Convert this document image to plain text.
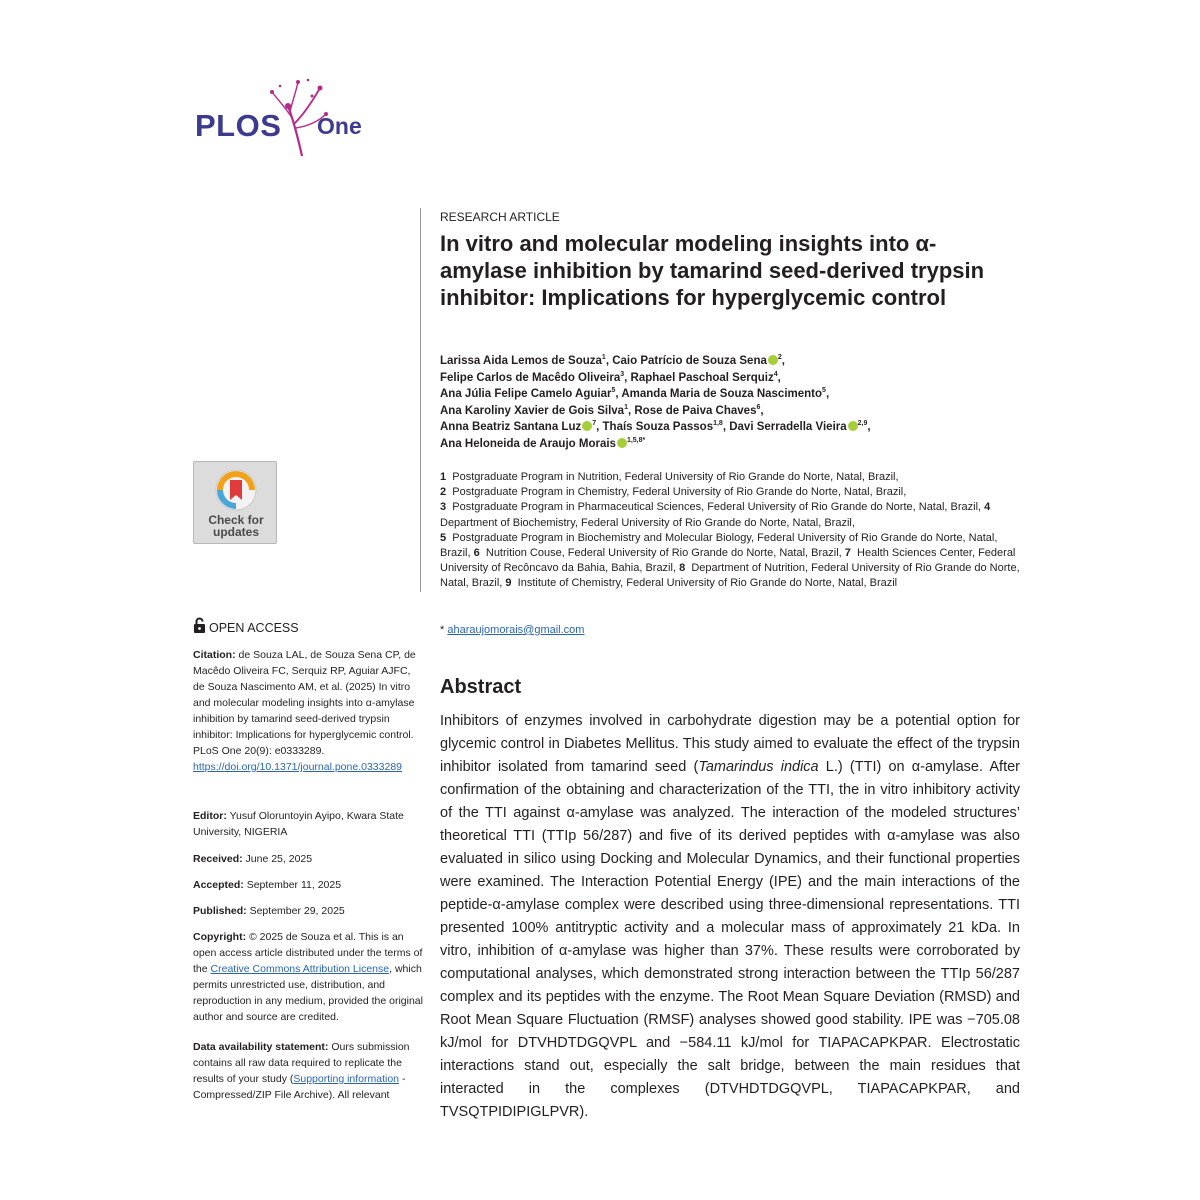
PLOS One
Check for
updates
OPEN ACCESS
Citation: de Souza LAL, de Souza Sena CP, de Macêdo Oliveira FC, Serquiz RP, Aguiar AJFC, de Souza Nascimento AM, et al. (2025) In vitro and molecular modeling insights into α-amylase inhibition by tamarind seed-derived trypsin inhibitor: Implications for hyperglycemic control. PLoS One 20(9): e0333289. https://doi.org/10.1371/journal.pone.0333289
Editor: Yusuf Oloruntoyin Ayipo, Kwara State University, NIGERIA
Received: June 25, 2025
Accepted: September 11, 2025
Published: September 29, 2025
Copyright: © 2025 de Souza et al. This is an open access article distributed under the terms of the Creative Commons Attribution License, which permits unrestricted use, distribution, and reproduction in any medium, provided the original author and source are credited.
Data availability statement: Ours submission contains all raw data required to replicate the results of your study (Supporting information - Compressed/ZIP File Archive). All relevant
RESEARCH ARTICLE
In vitro and molecular modeling insights into α-amylase inhibition by tamarind seed-derived trypsin inhibitor: Implications for hyperglycemic control
Larissa Aida Lemos de Souza$^1$, Caio Patrício de Souza Sena $^2$,
Felipe Carlos de Macêdo Oliveira$^3$, Raphael Paschoal Serquiz$^4$,
Ana Júlia Felipe Camelo Aguiar$^5$, Amanda Maria de Souza Nascimento$^5$,
Ana Karoliny Xavier de Gois Silva$^1$, Rose de Paiva Chaves$^6$,
Anna Beatriz Santana Luz $^7$, Thaís Souza Passos$^{1,8}$, Davi Serradella Vieira $^{2,9}$,
Ana Heloneida de Araujo Morais $^{1,5,8*}$
1 Postgraduate Program in Nutrition, Federal University of Rio Grande do Norte, Natal, Brazil,
2 Postgraduate Program in Chemistry, Federal University of Rio Grande do Norte, Natal, Brazil,
3 Postgraduate Program in Pharmaceutical Sciences, Federal University of Rio Grande do Norte, Natal, Brazil, 4  Department of Biochemistry, Federal University of Rio Grande do Norte, Natal, Brazil,
5 Postgraduate Program in Biochemistry and Molecular Biology, Federal University of Rio Grande do Norte, Natal, Brazil, 6 Nutrition Couse, Federal University of Rio Grande do Norte, Natal, Brazil, 7 Health Sciences Center, Federal University of Recôncavo da Bahia, Bahia, Brazil, 8 Department of Nutrition, Federal University of Rio Grande do Norte, Natal, Brazil, 9 Institute of Chemistry, Federal University of Rio Grande do Norte, Natal, Brazil
* aharaujomorais@gmail.com
Abstract

Inhibitors of enzymes involved in carbohydrate digestion may be a potential option for glycemic control in Diabetes Mellitus. This study aimed to evaluate the effect of the trypsin inhibitor isolated from tamarind seed (Tamarindus indica L.) (TTI) on α-amylase. After confirmation of the obtaining and characterization of the TTI, the in vitro inhibitory activity of the TTI against α-amylase was analyzed. The interaction of the modeled structures’ theoretical TTI (TTIp 56/287) and five of its derived peptides with α-amylase was also evaluated in silico using Docking and Molecular Dynamics, and their functional properties were examined. The Interaction Potential Energy (IPE) and the main interactions of the peptide-α-amylase complex were described using three-dimensional representations. TTI presented 100% antitryptic activity and a molecular mass of approximately 21 kDa. In vitro, inhibition of α-amylase was higher than 37%. These results were corroborated by computational analyses, which demonstrated strong interaction between the TTIp 56/287 complex and its peptides with the enzyme. The Root Mean Square Deviation (RMSD) and Root Mean Square Fluctuation (RMSF) analyses showed good stability. IPE was −705.08 kJ/mol for DTVHDTDGQVPL and −584.11 kJ/mol for TIAPACAPKPAR. Electrostatic interactions stand out, especially the salt bridge, between the main residues that interacted in the complexes (DTVHDTDGQVPL, TIAPACAPKPAR, and TVSQTPIDIPIGLPVR).
